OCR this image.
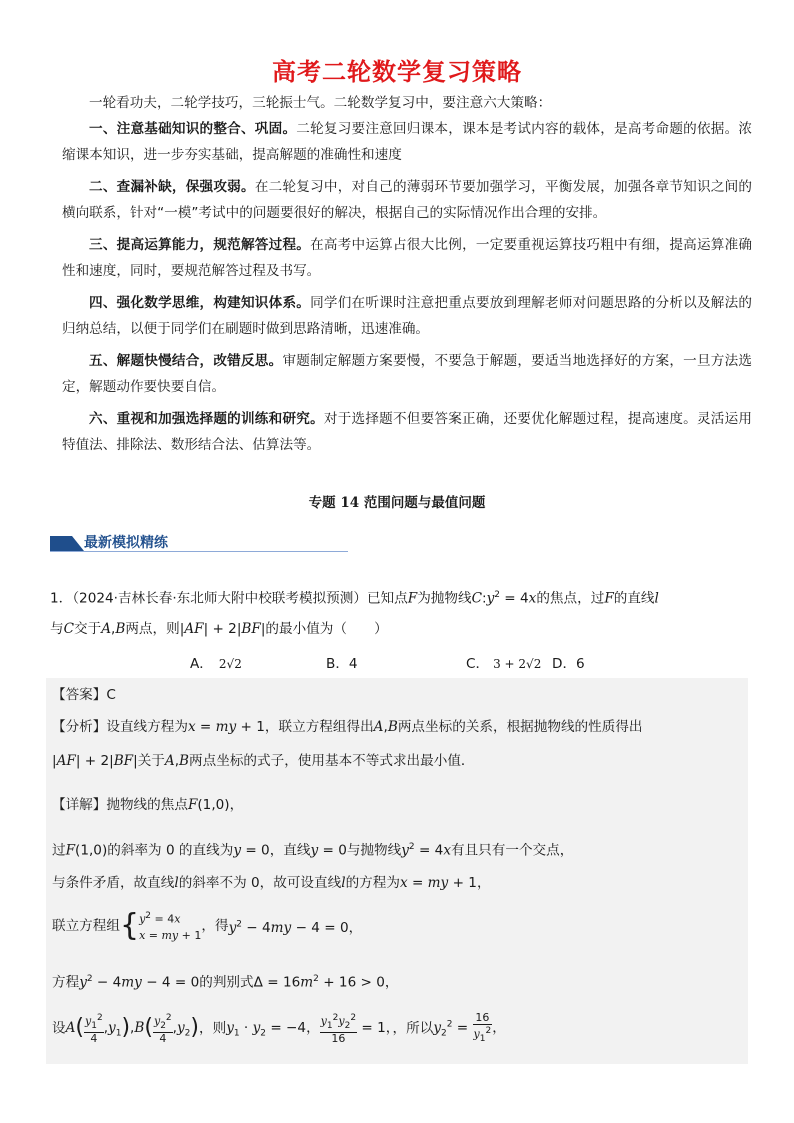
高考二轮数学复习策略

一轮看功夫，二轮学技巧，三轮振士气。二轮数学复习中，要注意六大策略：

一、注意基础知识的整合、巩固。二轮复习要注意回归课本，课本是考试内容的载体，是高考命题的依据。浓缩课本知识，进一步夯实基础，提高解题的准确性和速度

二、查漏补缺，保强攻弱。在二轮复习中，对自己的薄弱环节要加强学习，平衡发展，加强各章节知识之间的横向联系，针对“一模”考试中的问题要很好的解决，根据自己的实际情况作出合理的安排。

三、提高运算能力，规范解答过程。在高考中运算占很大比例，一定要重视运算技巧粗中有细，提高运算准确性和速度，同时，要规范解答过程及书写。

四、强化数学思维，构建知识体系。同学们在听课时注意把重点要放到理解老师对问题思路的分析以及解法的归纳总结，以便于同学们在刷题时做到思路清晰，迅速准确。

五、解题快慢结合，改错反思。审题制定解题方案要慢，不要急于解题，要适当地选择好的方案，一旦方法选定，解题动作要快要自信。

六、重视和加强选择题的训练和研究。对于选择题不但要答案正确，还要优化解题过程，提高速度。灵活运用特值法、排除法、数形结合法、估算法等。

专题 14 范围问题与最值问题
最新模拟精练
1．（2024·吉林长春·东北师大附中校联考模拟预测）已知点F为抛物线$C:y^2 = 4x$的焦点，过F的直线l
与C交于A,B两点，则|AF| + 2|BF|的最小值为（　　）
A． 2√2	B．4	C． 3 + 2√2 D．6
【答案】C
【分析】设直线方程为x = my + 1，联立方程组得出A,B两点坐标的关系，根据抛物线的性质得出
|AF| + 2|BF|关于A,B两点坐标的式子，使用基本不等式求出最小值．
【详解】抛物线的焦点F(1,0)，
过F(1,0)的斜率为 0 的直线为y = 0，直线y = 0与抛物线$y^2 = 4x$有且只有一个交点，
与条件矛盾，故直线l的斜率不为 0，故可设直线l的方程为x = my + 1，
联立方程组{ $y^2 = 4x$
x = my + 1
，得$y^2 - 4my - 4 = 0$，
方程$y^2 - 4my - 4 = 0$的判别式$\Delta = 16m^2 + 16 > 0$，
设$A( \frac{y_1^2}{4} ,y_1),B( \frac{y_2^2}{4} ,y_2)$，则$y_1 \cdot y_2 = -4$， $\frac{y_1^2y_2^2}{16} = 1$，，所以$y_2^2 = \frac{16}{y_1^2}$ ，
